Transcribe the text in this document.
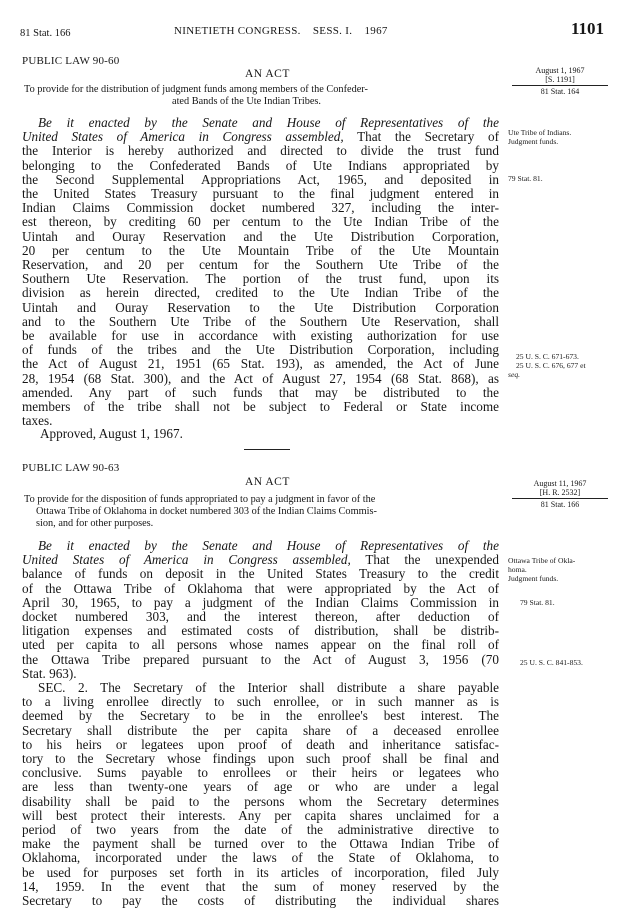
81 Stat. 166	NINETIETH CONGRESS.    SESS. I.    1967	1101
PUBLIC LAW 90-60
AN ACT	August 1, 1967
[S. 1191]
81 Stat. 164
To provide for the distribution of judgment funds among members of the Confeder-
ated Bands of the Ute Indian Tribes.
Be it enacted by the Senate and House of Representatives of the
United States of America in Congress assembled, That the Secretary of
the Interior is hereby authorized and directed to divide the trust fund
belonging to the Confederated Bands of Ute Indians appropriated by
the Second Supplemental Appropriations Act, 1965, and deposited in
the United States Treasury pursuant to the final judgment entered in
Indian Claims Commission docket numbered 327, including the inter-
est thereon, by crediting 60 per centum to the Ute Indian Tribe of the
Uintah and Ouray Reservation and the Ute Distribution Corporation,
20 per centum to the Ute Mountain Tribe of the Ute Mountain
Reservation, and 20 per centum for the Southern Ute Tribe of the
Southern Ute Reservation. The portion of the trust fund, upon its
division as herein directed, credited to the Ute Indian Tribe of the
Uintah and Ouray Reservation to the Ute Distribution Corporation
and to the Southern Ute Tribe of the Southern Ute Reservation, shall
be available for use in accordance with existing authorization for use
of funds of the tribes and the Ute Distribution Corporation, including
the Act of August 21, 1951 (65 Stat. 193), as amended, the Act of June
28, 1954 (68 Stat. 300), and the Act of August 27, 1954 (68 Stat. 868), as
amended. Any part of such funds that may be distributed to the
members of the tribe shall not be subject to Federal or State income
taxes.
Ute Tribe of Indians.
Judgment funds.
79 Stat. 81.
25 U. S. C. 671-673.
25 U. S. C. 676, 677 et
seq.
Approved, August 1, 1967.
PUBLIC LAW 90-63
AN ACT	August 11, 1967
[H. R. 2532]
81 Stat. 166
To provide for the disposition of funds appropriated to pay a judgment in favor of the
Ottawa Tribe of Oklahoma in docket numbered 303 of the Indian Claims Commis-
sion, and for other purposes.
Be it enacted by the Senate and House of Representatives of the
United States of America in Congress assembled, That the unexpended
balance of funds on deposit in the United States Treasury to the credit
of the Ottawa Tribe of Oklahoma that were appropriated by the Act of
April 30, 1965, to pay a judgment of the Indian Claims Commission in
docket numbered 303, and the interest thereon, after deduction of
litigation expenses and estimated costs of distribution, shall be distrib-
uted per capita to all persons whose names appear on the final roll of
the Ottawa Tribe prepared pursuant to the Act of August 3, 1956 (70
Stat. 963).
SEC. 2. The Secretary of the Interior shall distribute a share payable
to a living enrollee directly to such enrollee, or in such manner as is
deemed by the Secretary to be in the enrollee's best interest. The
Secretary shall distribute the per capita share of a deceased enrollee
to his heirs or legatees upon proof of death and inheritance satisfac-
tory to the Secretary whose findings upon such proof shall be final and
conclusive. Sums payable to enrollees or their heirs or legatees who
are less than twenty-one years of age or who are under a legal
disability shall be paid to the persons whom the Secretary determines
will best protect their interests. Any per capita shares unclaimed for a
period of two years from the date of the administrative directive to
make the payment shall be turned over to the Ottawa Indian Tribe of
Oklahoma, incorporated under the laws of the State of Oklahoma, to
be used for purposes set forth in its articles of incorporation, filed July
14, 1959. In the event that the sum of money reserved by the
Secretary to pay the costs of distributing the individual shares
Ottawa Tribe of Okla-
homa.
Judgment funds.
79 Stat. 81.
25 U. S. C. 841-853.
